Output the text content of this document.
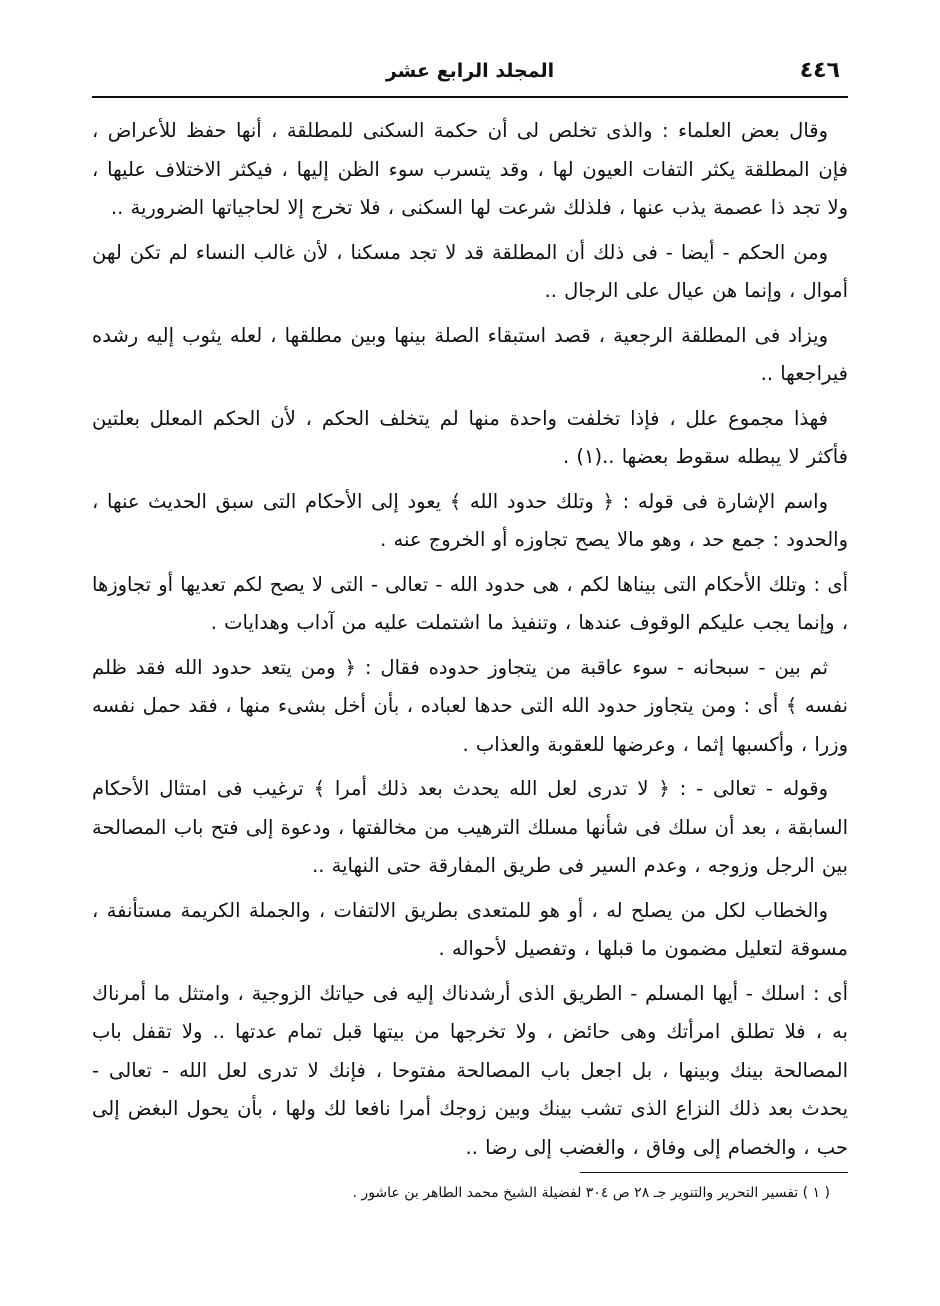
٤٤٦
المجلد الرابع عشر

وقال بعض العلماء : والذى تخلص لى أن حكمة السكنى للمطلقة ، أنها حفظ للأعراض ، فإن المطلقة يكثر التفات العيون لها ، وقد يتسرب سوء الظن إليها ، فيكثر الاختلاف عليها ، ولا تجد ذا عصمة يذب عنها ، فلذلك شرعت لها السكنى ، فلا تخرج إلا لحاجياتها الضرورية ..

ومن الحكم - أيضا - فى ذلك أن المطلقة قد لا تجد مسكنا ، لأن غالب النساء لم تكن لهن أموال ، وإنما هن عيال على الرجال ..

ويزاد فى المطلقة الرجعية ، قصد استبقاء الصلة بينها وبين مطلقها ، لعله يثوب إليه رشده فيراجعها ..

فهذا مجموع علل ، فإذا تخلفت واحدة منها لم يتخلف الحكم ، لأن الحكم المعلل بعلتين فأكثر لا يبطله سقوط بعضها ..(١) .

واسم الإشارة فى قوله : ﴿ وتلك حدود الله ﴾ يعود إلى الأحكام التى سبق الحديث عنها ، والحدود : جمع حد ، وهو مالا يصح تجاوزه أو الخروج عنه .

أى : وتلك الأحكام التى بيناها لكم ، هى حدود الله - تعالى - التى لا يصح لكم تعديها أو تجاوزها ، وإنما يجب عليكم الوقوف عندها ، وتنفيذ ما اشتملت عليه من آداب وهدايات .

ثم بين - سبحانه - سوء عاقبة من يتجاوز حدوده فقال : ﴿ ومن يتعد حدود الله فقد ظلم نفسه ﴾ أى : ومن يتجاوز حدود الله التى حدها لعباده ، بأن أخل بشىء منها ، فقد حمل نفسه وزرا ، وأكسبها إثما ، وعرضها للعقوبة والعذاب .

وقوله - تعالى - : ﴿ لا تدرى لعل الله يحدث بعد ذلك أمرا ﴾ ترغيب فى امتثال الأحكام السابقة ، بعد أن سلك فى شأنها مسلك الترهيب من مخالفتها ، ودعوة إلى فتح باب المصالحة بين الرجل وزوجه ، وعدم السير فى طريق المفارقة حتى النهاية ..

والخطاب لكل من يصلح له ، أو هو للمتعدى بطريق الالتفات ، والجملة الكريمة مستأنفة ، مسوقة لتعليل مضمون ما قبلها ، وتفصيل لأحواله .

أى : اسلك - أيها المسلم - الطريق الذى أرشدناك إليه فى حياتك الزوجية ، وامتثل ما أمرناك به ، فلا تطلق امرأتك وهى حائض ، ولا تخرجها من بيتها قبل تمام عدتها .. ولا تقفل باب المصالحة بينك وبينها ، بل اجعل باب المصالحة مفتوحا ، فإنك لا تدرى لعل الله - تعالى - يحدث بعد ذلك النزاع الذى تشب بينك وبين زوجك أمرا نافعا لك ولها ، بأن يحول البغض إلى حب ، والخصام إلى وفاق ، والغضب إلى رضا ..

( ١ ) تفسير التحرير والتنوير جـ ٢٨ ص ٣٠٤ لفضيلة الشيخ محمد الطاهر بن عاشور .
